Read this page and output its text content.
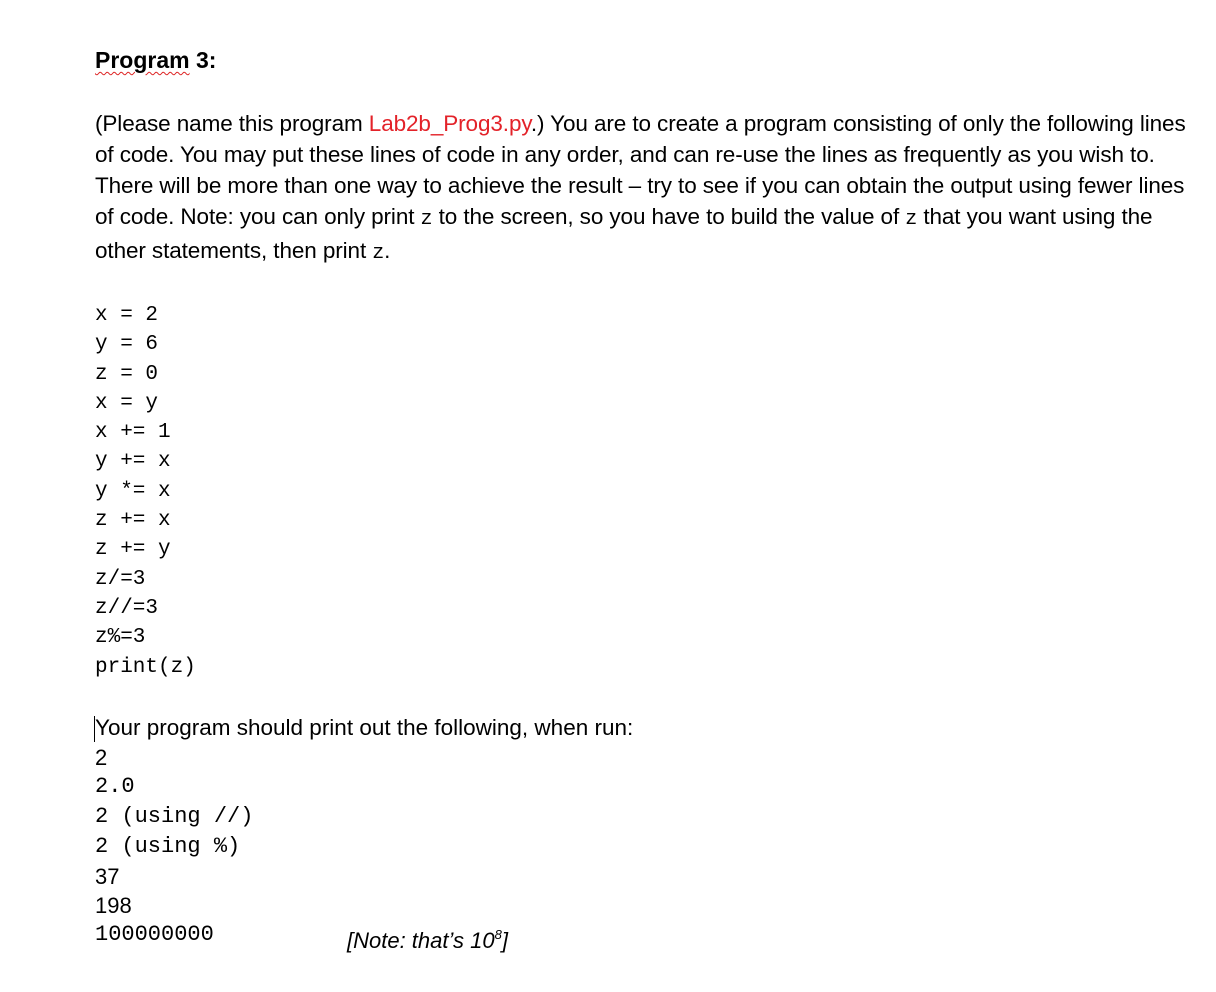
Program 3:
(Please name this program Lab2b_Prog3.py.) You are to create a program consisting of only the following lines of code. You may put these lines of code in any order, and can re-use the lines as frequently as you wish to. There will be more than one way to achieve the result – try to see if you can obtain the output using fewer lines of code. Note: you can only print z to the screen, so you have to build the value of z that you want using the other statements, then print z.
x = 2
y = 6
z = 0
x = y
x += 1
y += x
y *= x
z += x
z += y
z/=3
z//=3
z%=3
print(z)
Your program should print out the following, when run:
2
2.0
2 (using //)
2 (using %)
37
198
100000000	[Note: that’s $10^8$]
